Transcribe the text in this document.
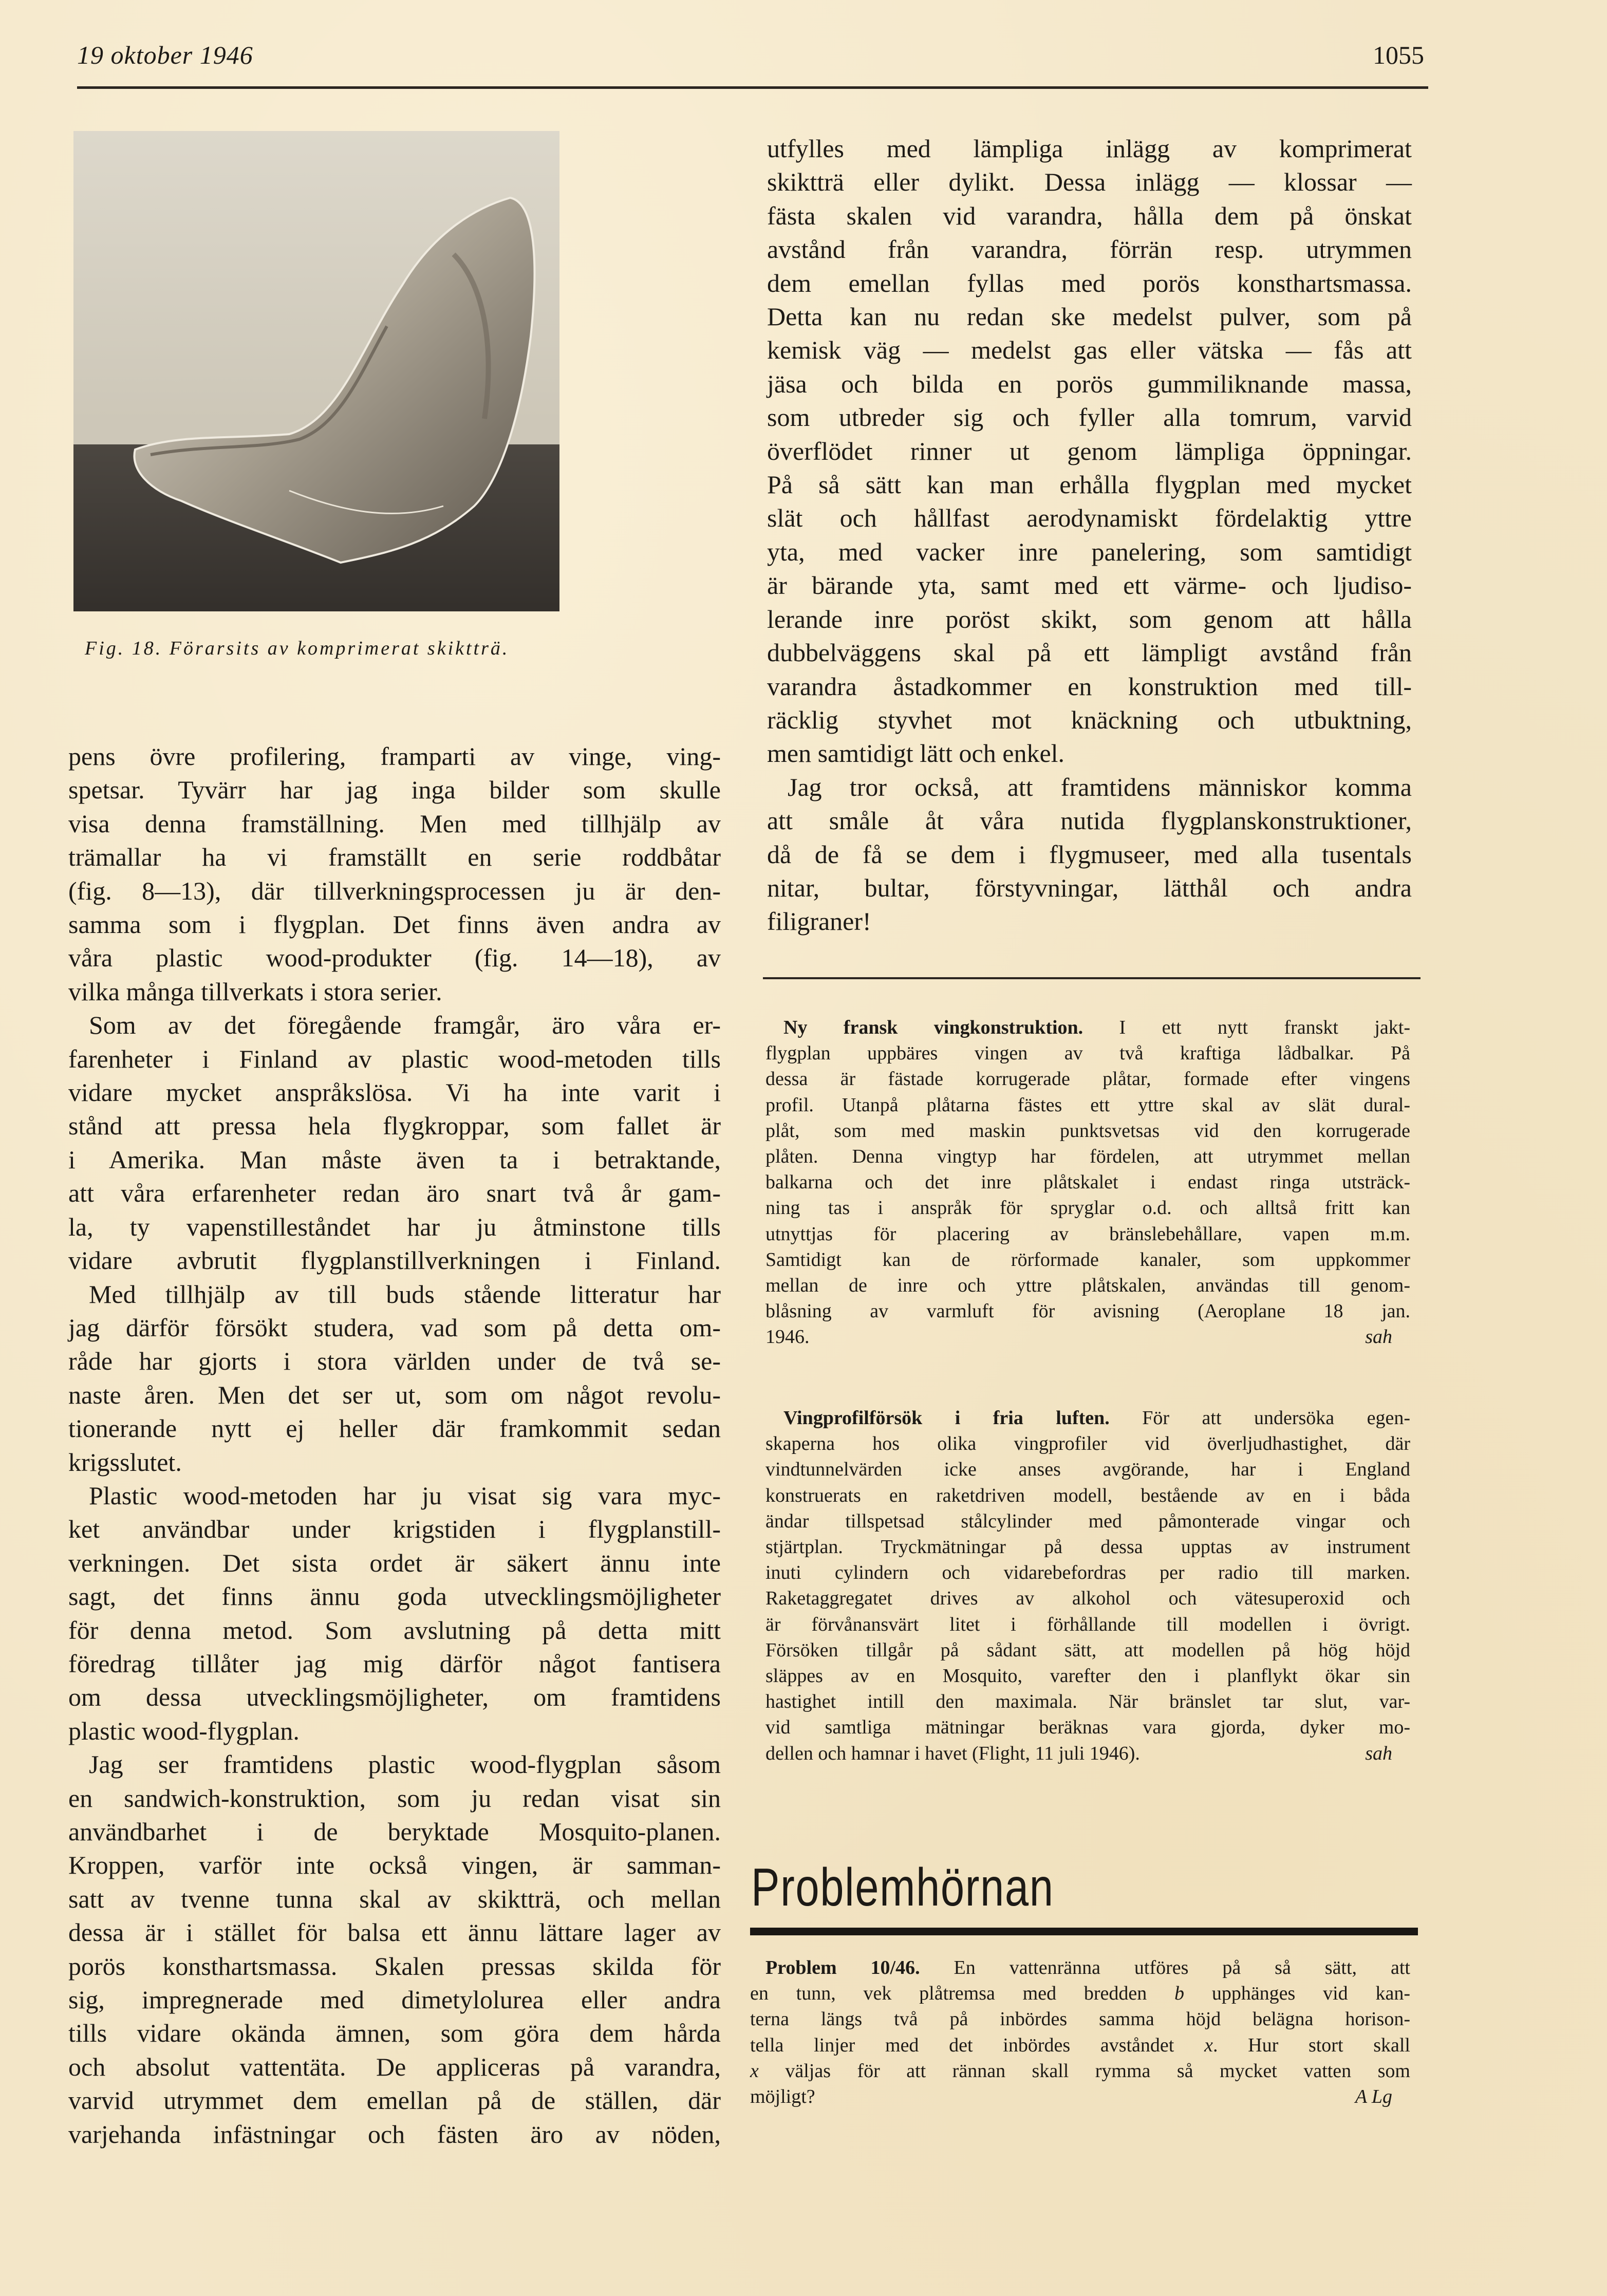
19 oktober 1946	1055
Fig. 18. Förarsits av komprimerat skiktträ.
pens övre profilering, framparti av vinge, ving-
spetsar. Tyvärr har jag inga bilder som skulle
visa denna framställning. Men med tillhjälp av
trämallar ha vi framställt en serie roddbåtar
(fig. 8—13), där tillverkningsprocessen ju är den-
samma som i flygplan. Det finns även andra av
våra plastic wood-produkter (fig. 14—18), av
vilka många tillverkats i stora serier.
Som av det föregående framgår, äro våra er-
farenheter i Finland av plastic wood-metoden tills
vidare mycket anspråkslösa. Vi ha inte varit i
stånd att pressa hela flygkroppar, som fallet är
i Amerika. Man måste även ta i betraktande,
att våra erfarenheter redan äro snart två år gam-
la, ty vapenstilleståndet har ju åtminstone tills
vidare avbrutit flygplanstillverkningen i Finland.
Med tillhjälp av till buds stående litteratur har
jag därför försökt studera, vad som på detta om-
råde har gjorts i stora världen under de två se-
naste åren. Men det ser ut, som om något revolu-
tionerande nytt ej heller där framkommit sedan
krigsslutet.
Plastic wood-metoden har ju visat sig vara myc-
ket användbar under krigstiden i flygplanstill-
verkningen. Det sista ordet är säkert ännu inte
sagt, det finns ännu goda utvecklingsmöjligheter
för denna metod. Som avslutning på detta mitt
föredrag tillåter jag mig därför något fantisera
om dessa utvecklingsmöjligheter, om framtidens
plastic wood-flygplan.
Jag ser framtidens plastic wood-flygplan såsom
en sandwich-konstruktion, som ju redan visat sin
användbarhet i de beryktade Mosquito-planen.
Kroppen, varför inte också vingen, är samman-
satt av tvenne tunna skal av skiktträ, och mellan
dessa är i stället för balsa ett ännu lättare lager av
porös konsthartsmassa. Skalen pressas skilda för
sig, impregnerade med dimetylolurea eller andra
tills vidare okända ämnen, som göra dem hårda
och absolut vattentäta. De appliceras på varandra,
varvid utrymmet dem emellan på de ställen, där
varjehanda infästningar och fästen äro av nöden,
utfylles med lämpliga inlägg av komprimerat
skiktträ eller dylikt. Dessa inlägg — klossar —
fästa skalen vid varandra, hålla dem på önskat
avstånd från varandra, förrän resp. utrymmen
dem emellan fyllas med porös konsthartsmassa.
Detta kan nu redan ske medelst pulver, som på
kemisk väg — medelst gas eller vätska — fås att
jäsa och bilda en porös gummiliknande massa,
som utbreder sig och fyller alla tomrum, varvid
överflödet rinner ut genom lämpliga öppningar.
På så sätt kan man erhålla flygplan med mycket
slät och hållfast aerodynamiskt fördelaktig yttre
yta, med vacker inre panelering, som samtidigt
är bärande yta, samt med ett värme- och ljudiso-
lerande inre poröst skikt, som genom att hålla
dubbelväggens skal på ett lämpligt avstånd från
varandra åstadkommer en konstruktion med till-
räcklig styvhet mot knäckning och utbuktning,
men samtidigt lätt och enkel.
Jag tror också, att framtidens människor komma
att småle åt våra nutida flygplanskonstruktioner,
då de få se dem i flygmuseer, med alla tusentals
nitar, bultar, förstyvningar, lätthål och andra
filigraner!
Ny fransk vingkonstruktion. I ett nytt franskt jakt-
flygplan uppbäres vingen av två kraftiga lådbalkar. På
dessa är fästade korrugerade plåtar, formade efter vingens
profil. Utanpå plåtarna fästes ett yttre skal av slät dural-
plåt, som med maskin punktsvetsas vid den korrugerade
plåten. Denna vingtyp har fördelen, att utrymmet mellan
balkarna och det inre plåtskalet i endast ringa utsträck-
ning tas i anspråk för spryglar o.d. och alltså fritt kan
utnyttjas för placering av bränslebehållare, vapen m.m.
Samtidigt kan de rörformade kanaler, som uppkommer
mellan de inre och yttre plåtskalen, användas till genom-
blåsning av varmluft för avisning (Aeroplane 18 jan.
1946.	sah
Vingprofilförsök i fria luften. För att undersöka egen-
skaperna hos olika vingprofiler vid överljudhastighet, där
vindtunnelvärden icke anses avgörande, har i England
konstruerats en raketdriven modell, bestående av en i båda
ändar tillspetsad stålcylinder med påmonterade vingar och
stjärtplan. Tryckmätningar på dessa upptas av instrument
inuti cylindern och vidarebefordras per radio till marken.
Raketaggregatet drives av alkohol och vätesuperoxid och
är förvånansvärt litet i förhållande till modellen i övrigt.
Försöken tillgår på sådant sätt, att modellen på hög höjd
släppes av en Mosquito, varefter den i planflykt ökar sin
hastighet intill den maximala. När bränslet tar slut, var-
vid samtliga mätningar beräknas vara gjorda, dyker mo-
dellen och hamnar i havet (Flight, 11 juli 1946).	sah
Problemhörnan
Problem 10/46. En vattenränna utföres på så sätt, att
en tunn, vek plåtremsa med bredden b upphänges vid kan-
terna längs två på inbördes samma höjd belägna horison-
tella linjer med det inbördes avståndet x. Hur stort skall
x väljas för att rännan skall rymma så mycket vatten som
möjligt?	A Lg
